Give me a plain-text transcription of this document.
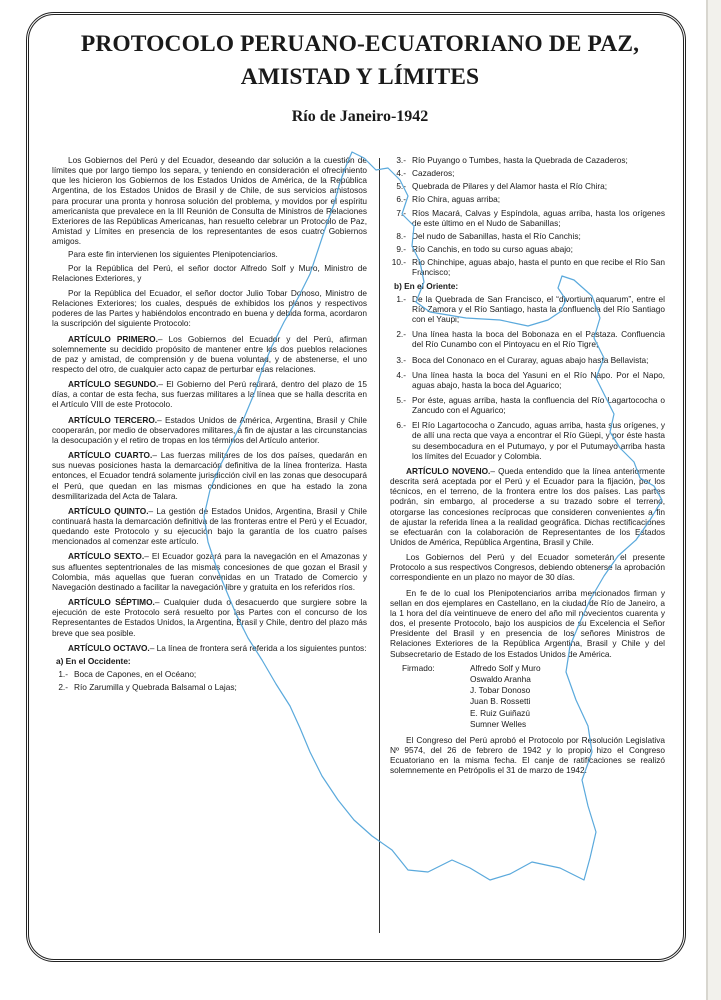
PROTOCOLO PERUANO-ECUATORIANO DE PAZ,
AMISTAD Y LÍMITES
Río de Janeiro-1942

Los Gobiernos del Perú y del Ecuador, deseando dar solución a la cuestión de límites que por largo tiempo los separa, y teniendo en consideración el ofrecimiento que les hicieron los Gobiernos de los Estados Unidos de América, de la República Argentina, de los Estados Unidos de Brasil y de Chile, de sus servicios amistosos para procurar una pronta y honrosa solución del problema, y movidos por el espíritu americanista que prevalece en la III Reunión de Consulta de Ministros de Relaciones Exteriores de las Repúblicas Americanas, han resuelto celebrar un Protocolo de Paz, Amistad y Límites en presencia de los representantes de esos cuatro Gobiernos amigos.

Para este fin intervienen los siguientes Plenipotenciarios.

Por la República del Perú, el señor doctor Alfredo Solf y Muro, Ministro de Relaciones Exteriores, y

Por la República del Ecuador, el señor doctor Julio Tobar Donoso, Ministro de Relaciones Exteriores; los cuales, después de exhibidos los planos y respectivos poderes de las Partes y habiéndolos encontrado en buena y debida forma, acordaron la suscripción del siguiente Protocolo:

ARTÍCULO PRIMERO.– Los Gobiernos del Ecuador y del Perú, afirman solemnemente su decidido propósito de mantener entre los dos pueblos relaciones de paz y amistad, de comprensión y de buena voluntad, y de abstenerse, el uno respecto del otro, de cualquier acto capaz de perturbar esas relaciones.

ARTÍCULO SEGUNDO.– El Gobierno del Perú retirará, dentro del plazo de 15 días, a contar de esta fecha, sus fuerzas militares a la línea que se halla descrita en el Artículo VIII de este Protocolo.

ARTÍCULO TERCERO.– Estados Unidos de América, Argentina, Brasil y Chile cooperarán, por medio de observadores militares, a fin de ajustar a las circunstancias la desocupación y el retiro de tropas en los términos del Artículo anterior.

ARTÍCULO CUARTO.– Las fuerzas militares de los dos países, quedarán en sus nuevas posiciones hasta la demarcación definitiva de la línea fronteriza. Hasta entonces, el Ecuador tendrá solamente jurisdicción civil en las zonas que desocupará el Perú, que quedan en las mismas condiciones en que ha estado la zona desmilitarizada del Acta de Talara.

ARTÍCULO QUINTO.– La gestión de Estados Unidos, Argentina, Brasil y Chile continuará hasta la demarcación definitiva de las fronteras entre el Perú y el Ecuador, quedando este Protocolo y su ejecución bajo la garantía de los cuatro países mencionados al comenzar este artículo.

ARTÍCULO SEXTO.– El Ecuador gozará para la navegación en el Amazonas y sus afluentes septentrionales de las mismas concesiones de que gozan el Brasil y Colombia, más aquellas que fueran convenidas en un Tratado de Comercio y Navegación destinado a facilitar la navegación libre y gratuita en los referidos ríos.

ARTÍCULO SÉPTIMO.– Cualquier duda o desacuerdo que surgiere sobre la ejecución de este Protocolo será resuelto por las Partes con el concurso de los Representantes de Estados Unidos, la Argentina, Brasil y Chile, dentro del plazo más breve que sea posible.

ARTÍCULO OCTAVO.– La línea de frontera será referida a los siguientes puntos:

a) En el Occidente:

1.- Boca de Capones, en el Océano;
2.- Río Zarumilla y Quebrada Balsamal o Lajas;
3.- Río Puyango o Tumbes, hasta la Quebrada de Cazaderos;
4.- Cazaderos;
5.- Quebrada de Pilares y del Alamor hasta el Río Chira;
6.- Río Chira, aguas arriba;
7.- Ríos Macará, Calvas y Espíndola, aguas arriba, hasta los orígenes de este último en el Nudo de Sabanillas;
8.- Del nudo de Sabanillas, hasta el Río Canchis;
9.- Río Canchis, en todo su curso aguas abajo;
10.- Río Chinchipe, aguas abajo, hasta el punto en que recibe el Río San Francisco;

b) En el Oriente:

1.- De la Quebrada de San Francisco, el “divortium aquarum”, entre el Río Zamora y el Río Santiago, hasta la confluencia del Río Santiago con el Yaupi;
2.- Una línea hasta la boca del Bobonaza en el Pastaza. Confluencia del Río Cunambo con el Pintoyacu en el Río Tigre;
3.- Boca del Cononaco en el Curaray, aguas abajo hasta Bellavista;
4.- Una línea hasta la boca del Yasuni en el Río Napo. Por el Napo, aguas abajo, hasta la boca del Aguarico;
5.- Por éste, aguas arriba, hasta la confluencia del Río Lagartococha o Zancudo con el Aguarico;
6.- El Río Lagartococha o Zancudo, aguas arriba, hasta sus orígenes, y de allí una recta que vaya a encontrar el Río Güepi, y por éste hasta su desembocadura en el Putumayo, y por el Putumayo arriba hasta los límites del Ecuador y Colombia.

ARTÍCULO NOVENO.– Queda entendido que la línea anteriormente descrita será aceptada por el Perú y el Ecuador para la fijación, por los técnicos, en el terreno, de la frontera entre los dos países. Las partes podrán, sin embargo, al procederse a su trazado sobre el terreno, otorgarse las concesiones recíprocas que consideren convenientes a fin de ajustar la referida línea a la realidad geográfica. Dichas rectificaciones se efectuarán con la colaboración de Representantes de los Estados Unidos de América, República Argentina, Brasil y Chile.

Los Gobiernos del Perú y del Ecuador someterán el presente Protocolo a sus respectivos Congresos, debiendo obtenerse la aprobación correspondiente en un plazo no mayor de 30 días.

En fe de lo cual los Plenipotenciarios arriba mencionados firman y sellan en dos ejemplares en Castellano, en la ciudad de Río de Janeiro, a la 1 hora del día veintinueve de enero del año mil novecientos cuarenta y dos, el presente Protocolo, bajo los auspicios de su Excelencia el Señor Presidente del Brasil y en presencia de los señores Ministros de Relaciones Exteriores de la República Argentina, Brasil y Chile y del Subsecretario de Estado de los Estados Unidos de América.

Firmado:	Alfredo Solf y Muro
Oswaldo Aranha
J. Tobar Donoso
Juan B. Rossetti
E. Ruiz Guiñazú
Sumner Welles

El Congreso del Perú aprobó el Protocolo por Resolución Legislativa Nº 9574, del 26 de febrero de 1942 y lo propio hizo el Congreso Ecuatoriano en la misma fecha. El canje de ratificaciones se realizó solemnemente en Petrópolis el 31 de marzo de 1942.
